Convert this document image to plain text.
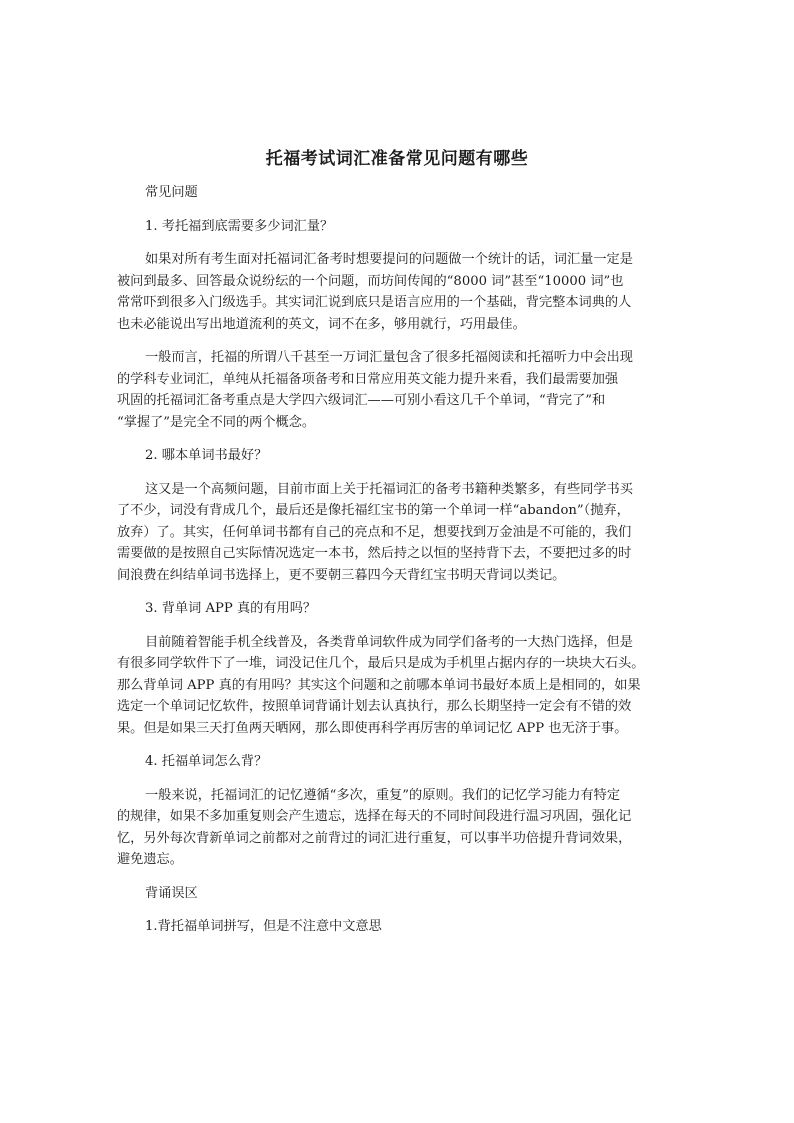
托福考试词汇准备常见问题有哪些

常见问题

1. 考托福到底需要多少词汇量？

如果对所有考生面对托福词汇备考时想要提问的问题做一个统计的话，词汇量一定是

被问到最多、回答最众说纷纭的一个问题，而坊间传闻的“8000 词”甚至“10000 词”也

常常吓到很多入门级选手。其实词汇说到底只是语言应用的一个基础，背完整本词典的人

也未必能说出写出地道流利的英文，词不在多，够用就行，巧用最佳。

一般而言，托福的所谓八千甚至一万词汇量包含了很多托福阅读和托福听力中会出现

的学科专业词汇，单纯从托福备项备考和日常应用英文能力提升来看，我们最需要加强

巩固的托福词汇备考重点是大学四六级词汇——可别小看这几千个单词，“背完了”和

“掌握了”是完全不同的两个概念。

2. 哪本单词书最好？

这又是一个高频问题，目前市面上关于托福词汇的备考书籍种类繁多，有些同学书买

了不少，词没有背成几个，最后还是像托福红宝书的第一个单词一样“abandon”（抛弃，

放弃）了。其实，任何单词书都有自己的亮点和不足，想要找到万金油是不可能的，我们

需要做的是按照自己实际情况选定一本书，然后持之以恒的坚持背下去，不要把过多的时

间浪费在纠结单词书选择上，更不要朝三暮四今天背红宝书明天背词以类记。

3. 背单词 APP 真的有用吗？

目前随着智能手机全线普及，各类背单词软件成为同学们备考的一大热门选择，但是

有很多同学软件下了一堆，词没记住几个，最后只是成为手机里占据内存的一块块大石头。

那么背单词 APP 真的有用吗？其实这个问题和之前哪本单词书最好本质上是相同的，如果

选定一个单词记忆软件，按照单词背诵计划去认真执行，那么长期坚持一定会有不错的效

果。但是如果三天打鱼两天晒网，那么即使再科学再厉害的单词记忆 APP 也无济于事。

4. 托福单词怎么背？

一般来说，托福词汇的记忆遵循“多次，重复”的原则。我们的记忆学习能力有特定

的规律，如果不多加重复则会产生遗忘，选择在每天的不同时间段进行温习巩固，强化记

忆，另外每次背新单词之前都对之前背过的词汇进行重复，可以事半功倍提升背词效果，

避免遗忘。

背诵误区

1.背托福单词拼写，但是不注意中文意思
